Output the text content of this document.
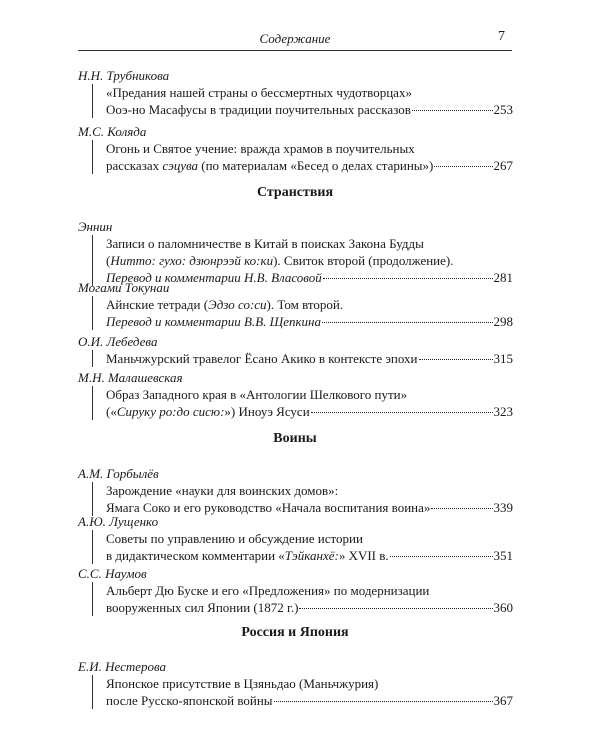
Содержание	7
Н.Н. Трубникова
«Предания нашей страны о бессмертных чудотворцах»
Ооэ-но Масафусы в традиции поучительных рассказов	253
М.С. Коляда
Огонь и Святое учение: вражда храмов в поучительных
рассказах сэцува (по материалам «Бесед о делах старины»)	267
Странствия
Эннин
Записи о паломничестве в Китай в поисках Закона Будды
(Нитто: гухо: дзюнрээй ко:ки). Свиток второй (продолжение).
Перевод и комментарии Н.В. Власовой	281
Могами Токунаи
Айнские тетради (Эдзо со:си). Том второй.
Перевод и комментарии В.В. Щепкина	298
О.И. Лебедева
Маньчжурский травелог Ёсано Акико в контексте эпохи	315
М.Н. Малашевская
Образ Западного края в «Антологии Шелкового пути»
(«Сируку ро:до сисю:») Иноуэ Ясуси	323
Воины
А.М. Горбылёв
Зарождение «науки для воинских домов»:
Ямага Соко и его руководство «Начала воспитания воина»	339
А.Ю. Лущенко
Советы по управлению и обсуждение истории
в дидактическом комментарии «Тэйканхё:» XVII в.	351
С.С. Наумов
Альберт Дю Буске и его «Предложения» по модернизации
вооруженных сил Японии (1872 г.)	360
Россия и Япония
Е.И. Нестерова
Японское присутствие в Цзяньдао (Маньчжурия)
после Русско-японской войны	367
